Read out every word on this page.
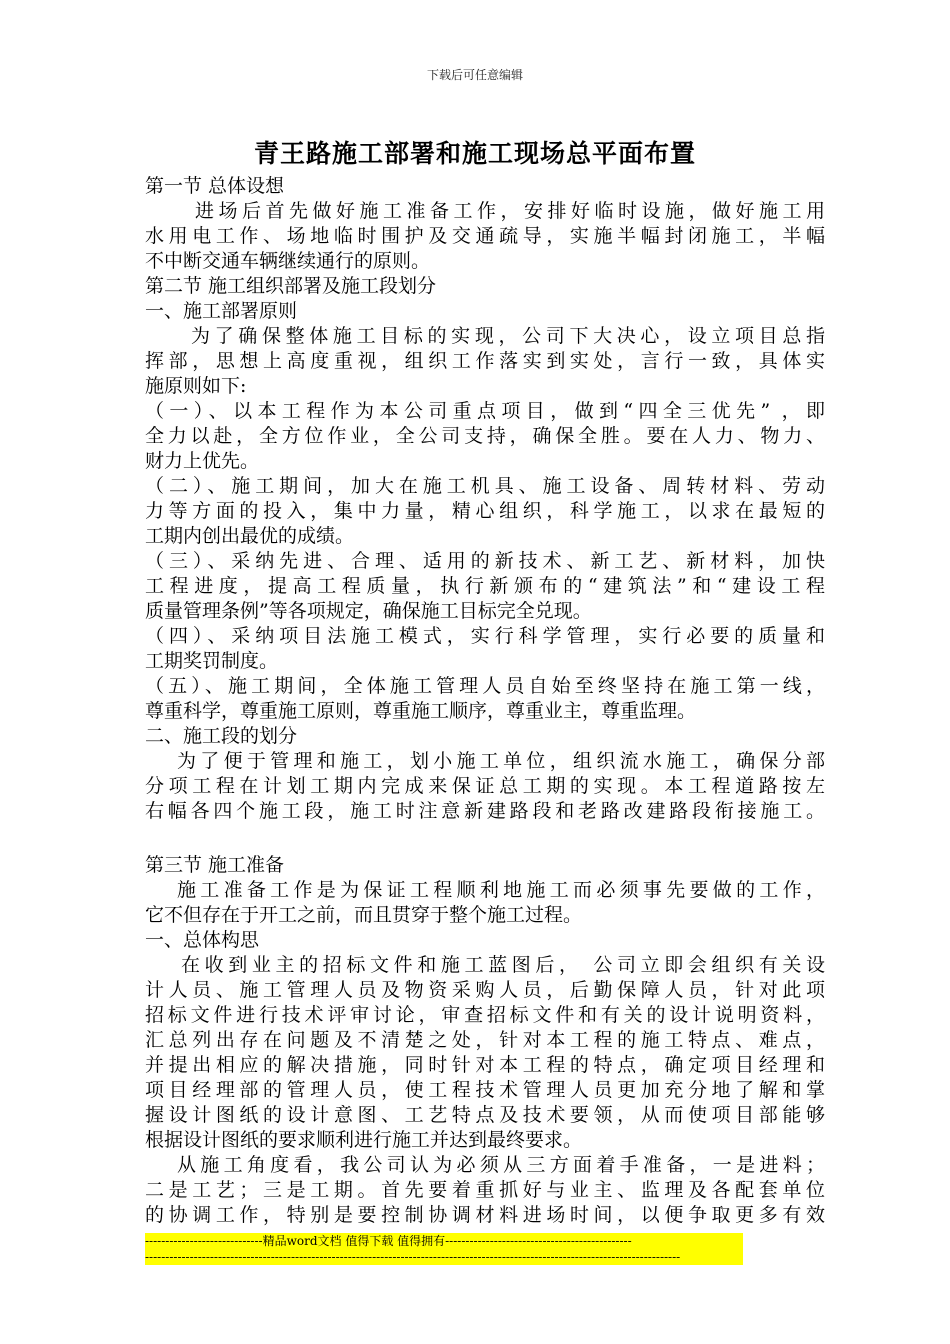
下载后可任意编辑
青王路施工部署和施工现场总平面布置
第一节 总体设想
进场后首先做好施工准备工作，安排好临时设施，做好施工用
水用电工作、场地临时围护及交通疏导，实施半幅封闭施工，半幅
不中断交通车辆继续通行的原则。
第二节 施工组织部署及施工段划分
一、施工部署原则
为了确保整体施工目标的实现，公司下大决心，设立项目总指
挥部，思想上高度重视，组织工作落实到实处，言行一致，具体实
施原则如下:
（一）、以本工程作为本公司重点项目，做到“四全三优先” ，即
全力以赴，全方位作业，全公司支持，确保全胜。要在人力、物力、
财力上优先。
（二）、施工期间，加大在施工机具、施工设备、周转材料、劳动
力等方面的投入，集中力量，精心组织，科学施工，以求在最短的
工期内创出最优的成绩。
（三）、采纳先进、合理、适用的新技术、新工艺、新材料，加快
工程进度，提高工程质量，执行新颁布的“建筑法”和“建设工程
质量管理条例”等各项规定，确保施工目标完全兑现。
（四）、采纳项目法施工模式，实行科学管理，实行必要的质量和
工期奖罚制度。
（五）、施工期间，全体施工管理人员自始至终坚持在施工第一线，
尊重科学，尊重施工原则，尊重施工顺序，尊重业主，尊重监理。
二、施工段的划分
为了便于管理和施工，划小施工单位，组织流水施工，确保分部
分项工程在计划工期内完成来保证总工期的实现。本工程道路按左
右幅各四个施工段，施工时注意新建路段和老路改建路段衔接施工。
第三节 施工准备
施工准备工作是为保证工程顺利地施工而必须事先要做的工作，
它不但存在于开工之前，而且贯穿于整个施工过程。
一、总体构思
在收到业主的招标文件和施工蓝图后， 公司立即会组织有关设
计人员、施工管理人员及物资采购人员，后勤保障人员，针对此项
招标文件进行技术评审讨论，审查招标文件和有关的设计说明资料，
汇总列出存在问题及不清楚之处，针对本工程的施工特点、难点，
并提出相应的解决措施，同时针对本工程的特点，确定项目经理和
项目经理部的管理人员，使工程技术管理人员更加充分地了解和掌
握设计图纸的设计意图、工艺特点及技术要领，从而使项目部能够
根据设计图纸的要求顺利进行施工并达到最终要求。
从施工角度看，我公司认为必须从三方面着手准备，一是进料；
二是工艺；三是工期。首先要着重抓好与业主、监理及各配套单位
的协调工作，特别是要控制协调材料进场时间，以便争取更多有效
-----------------------------精品word文档 值得下载 值得拥有----------------------------------------------
------------------------------------------------------------------------------------------------------------------------------------
